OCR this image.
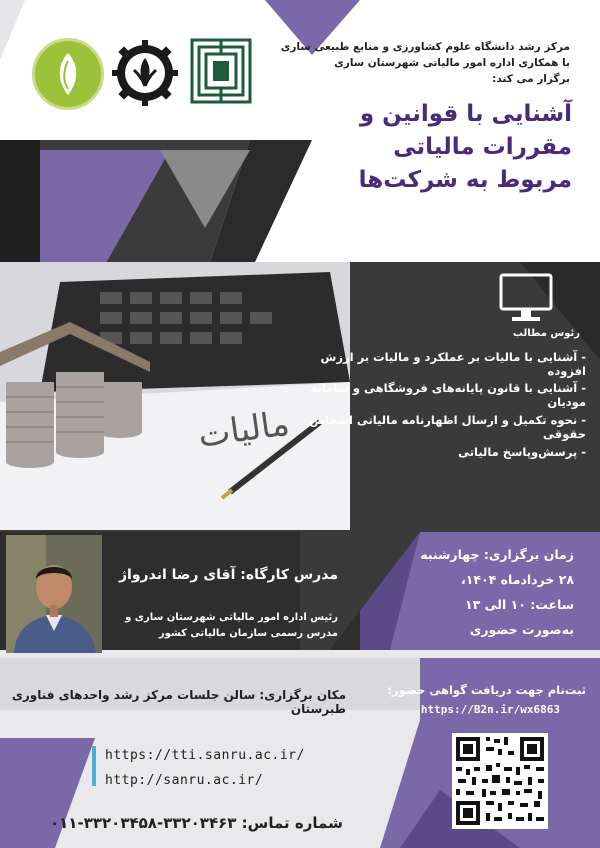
مرکز رشد دانشگاه علوم کشاورزی و منابع طبیعی ساری
با همکاری اداره امور مالیاتی شهرستان ساری
برگزار می کند:
آشنایی با قوانین و
مقررات مالیاتی
مربوط به شرکت‌ها
مالیات
رئوس مطالب
- آشنایی با مالیات بر عملکرد و مالیات بر ارزش افزوده
- آشنایی با قانون پایانه‌های فروشگاهی و سامانه مودیان
- نحوه تکمیل و ارسال اظهارنامه مالیاتی اشخاص حقوقی
- پرسش‌وپاسخ مالیاتی
مدرس کارگاه: آقای رضا اندرواژ
رئیس اداره امور مالیاتی شهرستان ساری و
مدرس رسمی سازمان مالیاتی کشور
زمان برگزاری: چهارشنبه
۲۸ خردادماه ۱۴۰۴،
ساعت: ۱۰ الی ۱۳
به‌صورت حضوری
مکان برگزاری: سالن جلسات مرکز رشد واحدهای فناوری طبرستان
ثبت‌نام جهت دریافت گواهی حضور:
https://B2n.ir/wx6863
https://tti.sanru.ac.ir/
http://sanru.ac.ir/
شماره تماس: ۳۳۲۰۳۴۶۳-۳۳۲۰۳۴۵۸-۰۱۱
